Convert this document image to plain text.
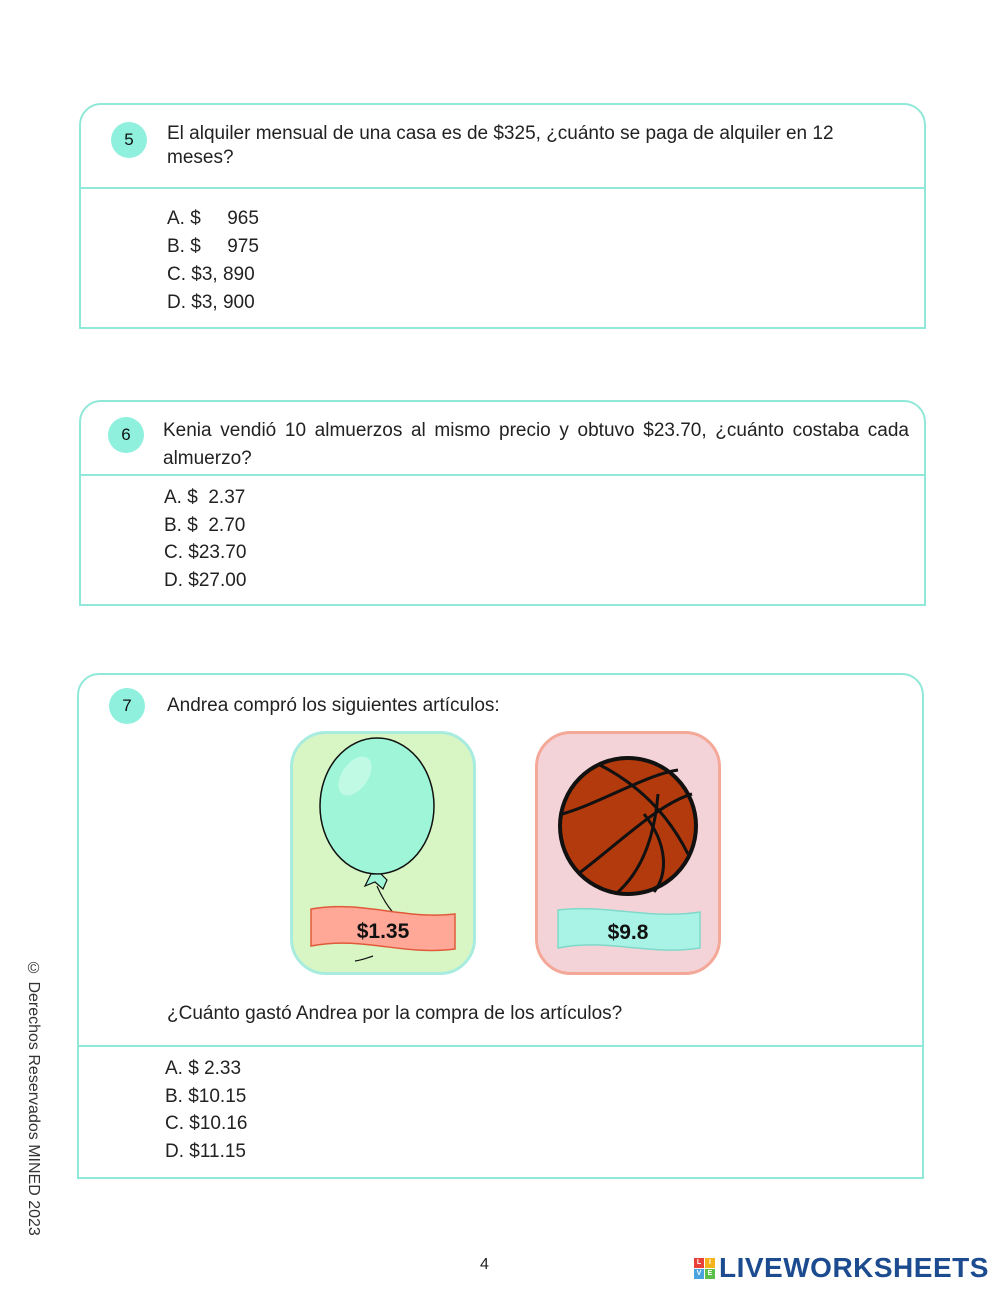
5	El alquiler mensual de una casa es de $325, ¿cuánto se paga de alquiler en 12
meses?
A. $     965
B. $     975
C. $3, 890
D. $3, 900
6	Kenia vendió 10 almuerzos al mismo precio y obtuvo $23.70, ¿cuánto costaba cada
almuerzo?
A. $  2.37
B. $  2.70
C. $23.70
D. $27.00
7	Andrea compró los siguientes artículos:
$1.35	$9.8
¿Cuánto gastó Andrea por la compra de los artículos?
A. $ 2.33
B. $10.15
C. $10.16
D. $11.15
© Derechos Reservados MINED 2023
4	L	I
V E LIVEWORKSHEETS
